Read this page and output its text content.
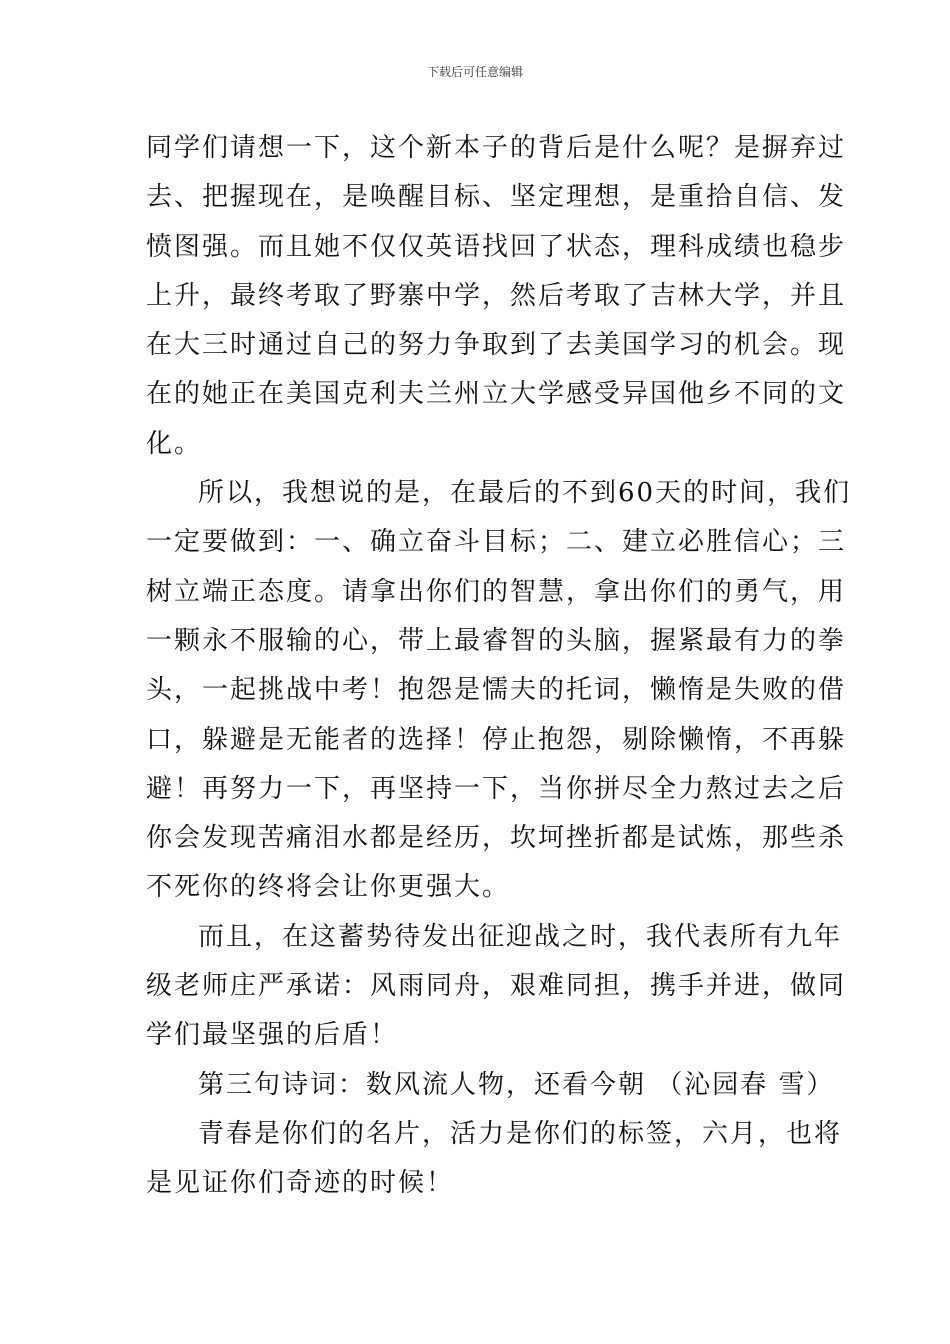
下载后可任意编辑
同学们请想一下，这个新本子的背后是什么呢？是摒弃过
去、把握现在，是唤醒目标、坚定理想，是重拾自信、发
愤图强。而且她不仅仅英语找回了状态，理科成绩也稳步
上升，最终考取了野寨中学，然后考取了吉林大学，并且
在大三时通过自己的努力争取到了去美国学习的机会。现
在的她正在美国克利夫兰州立大学感受异国他乡不同的文
化。
所以，我想说的是，在最后的不到60天的时间，我们
一定要做到：一、确立奋斗目标；二、建立必胜信心；三
树立端正态度。请拿出你们的智慧，拿出你们的勇气，用
一颗永不服输的心，带上最睿智的头脑，握紧最有力的拳
头，一起挑战中考！抱怨是懦夫的托词，懒惰是失败的借
口，躲避是无能者的选择！停止抱怨，剔除懒惰，不再躲
避！再努力一下，再坚持一下，当你拼尽全力熬过去之后
你会发现苦痛泪水都是经历，坎坷挫折都是试炼，那些杀
不死你的终将会让你更强大。
而且，在这蓄势待发出征迎战之时，我代表所有九年
级老师庄严承诺：风雨同舟，艰难同担，携手并进，做同
学们最坚强的后盾！
第三句诗词：数风流人物，还看今朝 （沁园春 雪）
青春是你们的名片，活力是你们的标签，六月，也将
是见证你们奇迹的时候！
